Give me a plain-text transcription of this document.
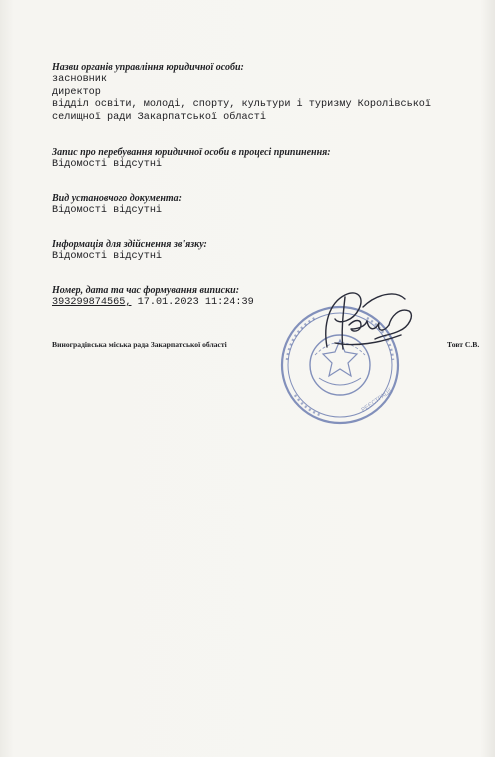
Назви органів управління юридичної особи:
засновник
директор
відділ освіти, молоді, спорту, культури і туризму Королівської
селищної ради Закарпатської області
Запис про перебування юридичної особи в процесі припинення:
Відомості відсутні
Вид установчого документа:
Відомості відсутні
Інформація для здійснення зв'язку:
Відомості відсутні
Номер, дата та час формування виписки:
393299874565, 17.01.2023 11:24:39
РЕЄСТРАЦІЇ
Виноградівська міська рада Закарпатської області	Товт С.В.
